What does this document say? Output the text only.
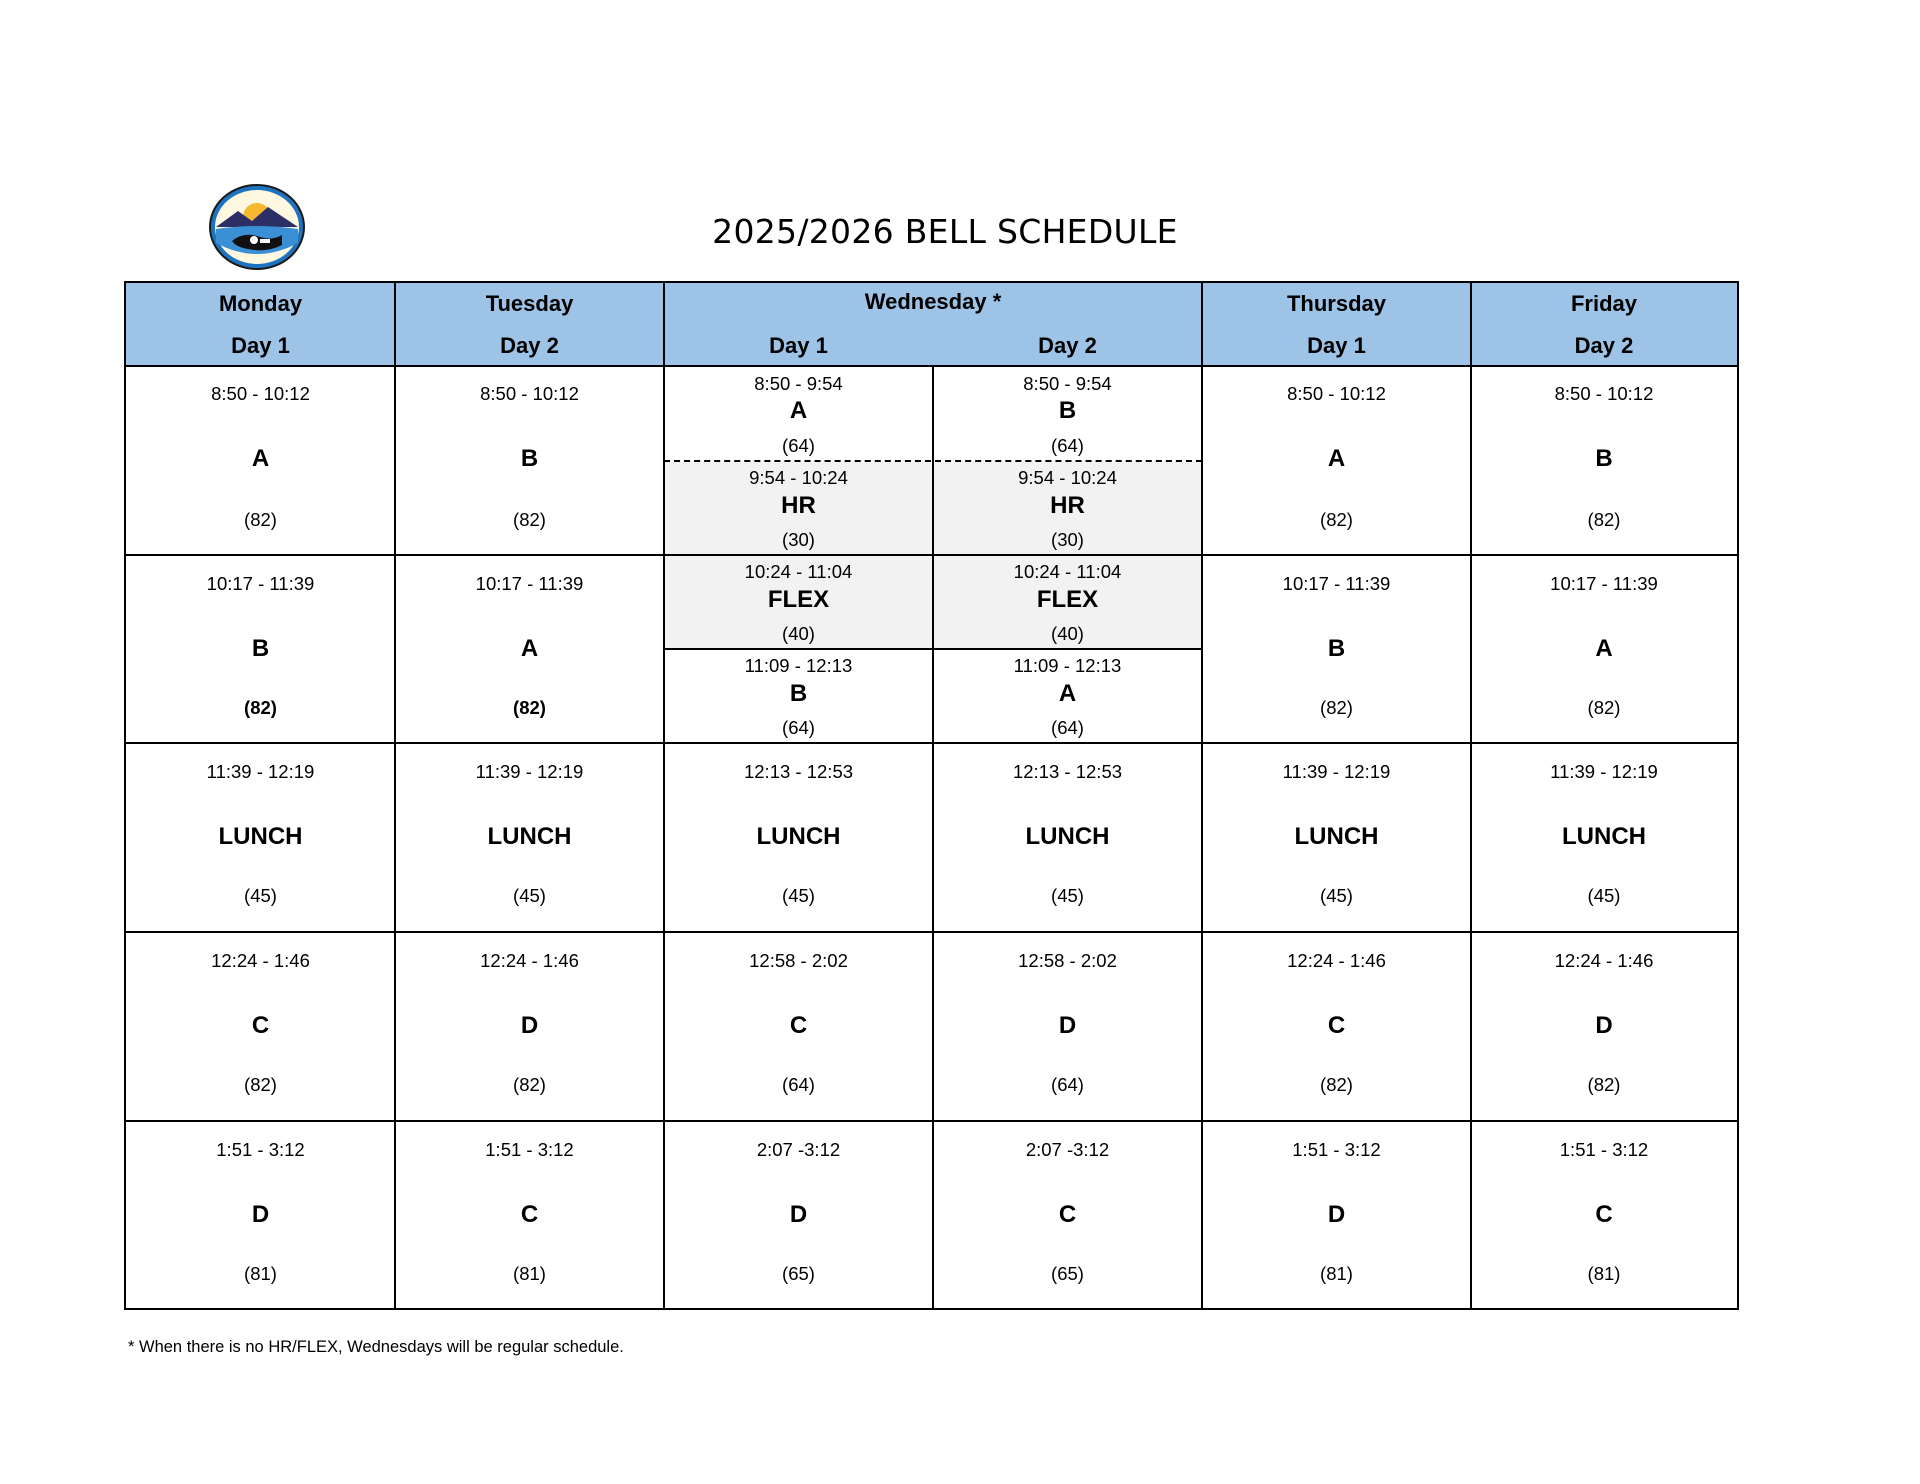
2025/2026 BELL SCHEDULE
Monday
Day 1
Tuesday
Day 2
Wednesday *
Day 1	Day 2
Thursday
Day 1
Friday
Day 2
8:50 - 10:12
A
(82)
8:50 - 10:12
B
(82)
8:50 - 10:12
A
(82)
8:50 - 10:12
B
(82)
10:17 - 11:39
B
(82)
10:17 - 11:39
A
(82)
10:17 - 11:39
B
(82)
10:17 - 11:39
A
(82)
8:50 - 9:54
A
(64)
9:54 - 10:24
HR
(30)
10:24 - 11:04
FLEX
(40)
11:09 - 12:13
B
(64)
8:50 - 9:54
B
(64)
9:54 - 10:24
HR
(30)
10:24 - 11:04
FLEX
(40)
11:09 - 12:13
A
(64)
11:39 - 12:19
LUNCH
(45)
11:39 - 12:19
LUNCH
(45)
12:13 - 12:53
LUNCH
(45)
12:13 - 12:53
LUNCH
(45)
11:39 - 12:19
LUNCH
(45)
11:39 - 12:19
LUNCH
(45)
12:24 - 1:46
C
(82)
12:24 - 1:46
D
(82)
12:58 - 2:02
C
(64)
12:58 - 2:02
D
(64)
12:24 - 1:46
C
(82)
12:24 - 1:46
D
(82)
1:51 - 3:12
D
(81)
1:51 - 3:12
C
(81)
2:07 -3:12
D
(65)
2:07 -3:12
C
(65)
1:51 - 3:12
D
(81)
1:51 - 3:12
C
(81)
* When there is no HR/FLEX, Wednesdays will be regular schedule.
